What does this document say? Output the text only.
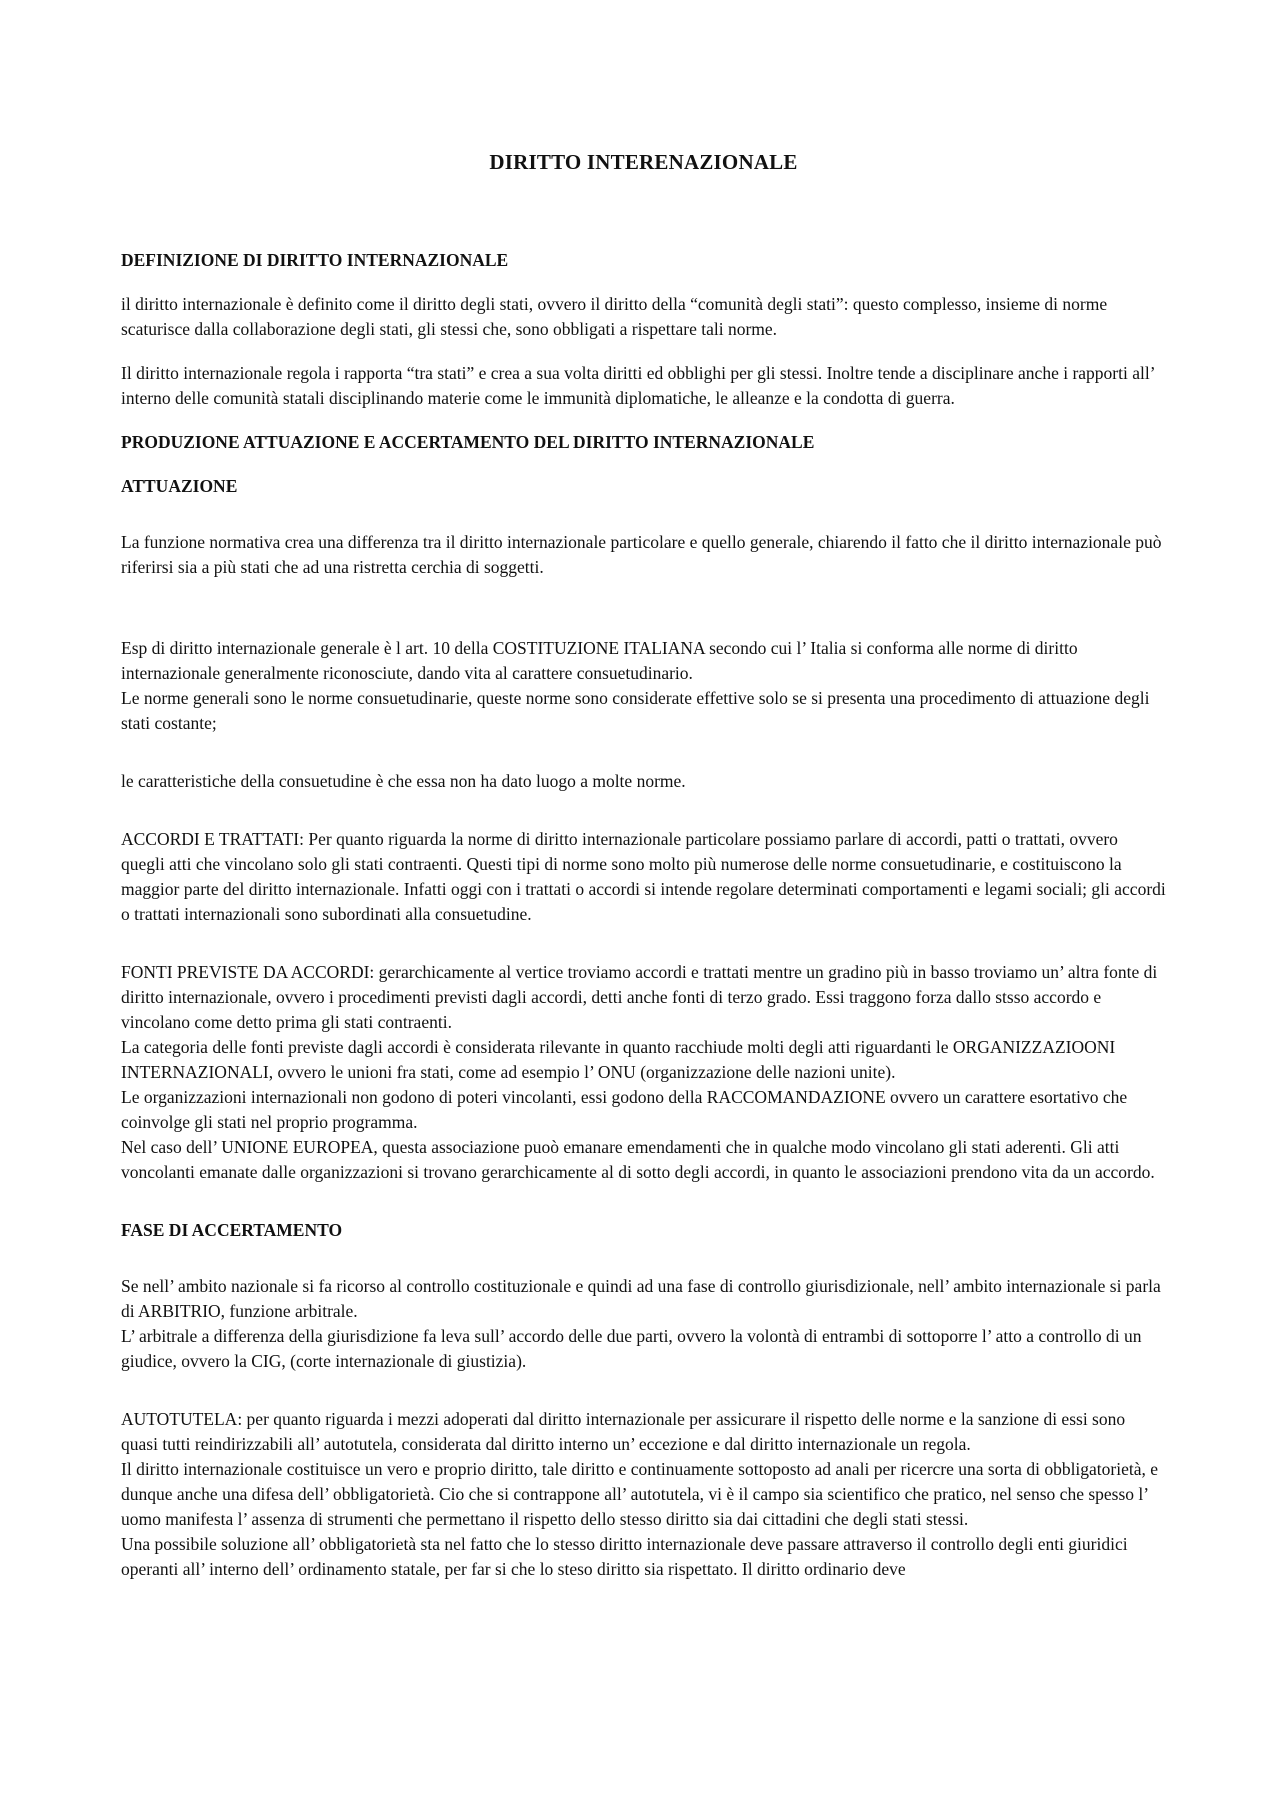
DIRITTO INTERENAZIONALE
DEFINIZIONE DI DIRITTO INTERNAZIONALE

il diritto internazionale è definito come il diritto degli stati, ovvero il diritto della “comunità degli stati”: questo complesso, insieme di norme scaturisce dalla collaborazione degli stati, gli stessi che, sono obbligati a rispettare tali norme.

Il diritto internazionale regola i rapporta “tra stati” e crea a sua volta diritti ed obblighi per gli stessi. Inoltre tende a disciplinare anche i rapporti all’ interno delle comunità statali disciplinando materie come le immunità diplomatiche, le alleanze e la condotta di guerra.

PRODUZIONE ATTUAZIONE E ACCERTAMENTO DEL DIRITTO INTERNAZIONALE
ATTUAZIONE

La funzione normativa crea una differenza tra il diritto internazionale particolare e quello generale, chiarendo il fatto che il diritto internazionale può riferirsi sia a più stati che ad una ristretta cerchia di soggetti.

Esp di diritto internazionale generale è l art. 10 della COSTITUZIONE ITALIANA secondo cui l’ Italia si conforma alle norme di diritto internazionale generalmente riconosciute, dando vita al carattere consuetudinario.

Le norme generali sono le norme consuetudinarie, queste norme sono considerate effettive solo se si presenta una procedimento di attuazione degli stati costante;

le caratteristiche della consuetudine è che essa non ha dato luogo a molte norme.

ACCORDI E TRATTATI: Per quanto riguarda la norme di diritto internazionale particolare possiamo parlare di accordi, patti o trattati, ovvero quegli atti che vincolano solo gli stati contraenti. Questi tipi di norme sono molto più numerose delle norme consuetudinarie, e costituiscono la maggior parte del diritto internazionale. Infatti oggi con i trattati o accordi si intende regolare determinati comportamenti e legami sociali; gli accordi o trattati internazionali sono subordinati alla consuetudine.

FONTI PREVISTE DA ACCORDI: gerarchicamente al vertice troviamo accordi e trattati mentre un gradino più in basso troviamo un’ altra fonte di diritto internazionale, ovvero i procedimenti previsti dagli accordi, detti anche fonti di terzo grado. Essi traggono forza dallo stsso accordo e vincolano come detto prima gli stati contraenti.

La categoria delle fonti previste dagli accordi è considerata rilevante in quanto racchiude molti degli atti riguardanti le ORGANIZZAZIOONI INTERNAZIONALI, ovvero le unioni fra stati, come ad esempio l’ ONU (organizzazione delle nazioni unite).

Le organizzazioni internazionali non godono di poteri vincolanti, essi godono della RACCOMANDAZIONE ovvero un carattere esortativo che coinvolge gli stati nel proprio programma.

Nel caso dell’ UNIONE EUROPEA, questa associazione puoò emanare emendamenti che in qualche modo vincolano gli stati aderenti. Gli atti voncolanti emanate dalle organizzazioni si trovano gerarchicamente al di sotto degli accordi, in quanto le associazioni prendono vita da un accordo.

FASE DI ACCERTAMENTO

Se nell’ ambito nazionale si fa ricorso al controllo costituzionale e quindi ad una fase di controllo giurisdizionale, nell’ ambito internazionale si parla di ARBITRIO, funzione arbitrale.

L’ arbitrale a differenza della giurisdizione fa leva sull’ accordo delle due parti, ovvero la volontà di entrambi di sottoporre l’ atto a controllo di un giudice, ovvero la CIG, (corte internazionale di giustizia).

AUTOTUTELA: per quanto riguarda i mezzi adoperati dal diritto internazionale per assicurare il rispetto delle norme e la sanzione di essi sono quasi tutti reindirizzabili all’ autotutela, considerata dal diritto interno un’ eccezione e dal diritto internazionale un regola.

Il diritto internazionale costituisce un vero e proprio diritto, tale diritto e continuamente sottoposto ad anali per ricercre una sorta di obbligatorietà, e dunque anche una difesa dell’ obbligatorietà. Cio che si contrappone all’ autotutela, vi è il campo sia scientifico che pratico, nel senso che spesso l’ uomo manifesta l’ assenza di strumenti che permettano il rispetto dello stesso diritto sia dai cittadini che degli stati stessi.

Una possibile soluzione all’ obbligatorietà sta nel fatto che lo stesso diritto internazionale deve passare attraverso il controllo degli enti giuridici operanti all’ interno dell’ ordinamento statale, per far si che lo steso diritto sia rispettato. Il diritto ordinario deve
